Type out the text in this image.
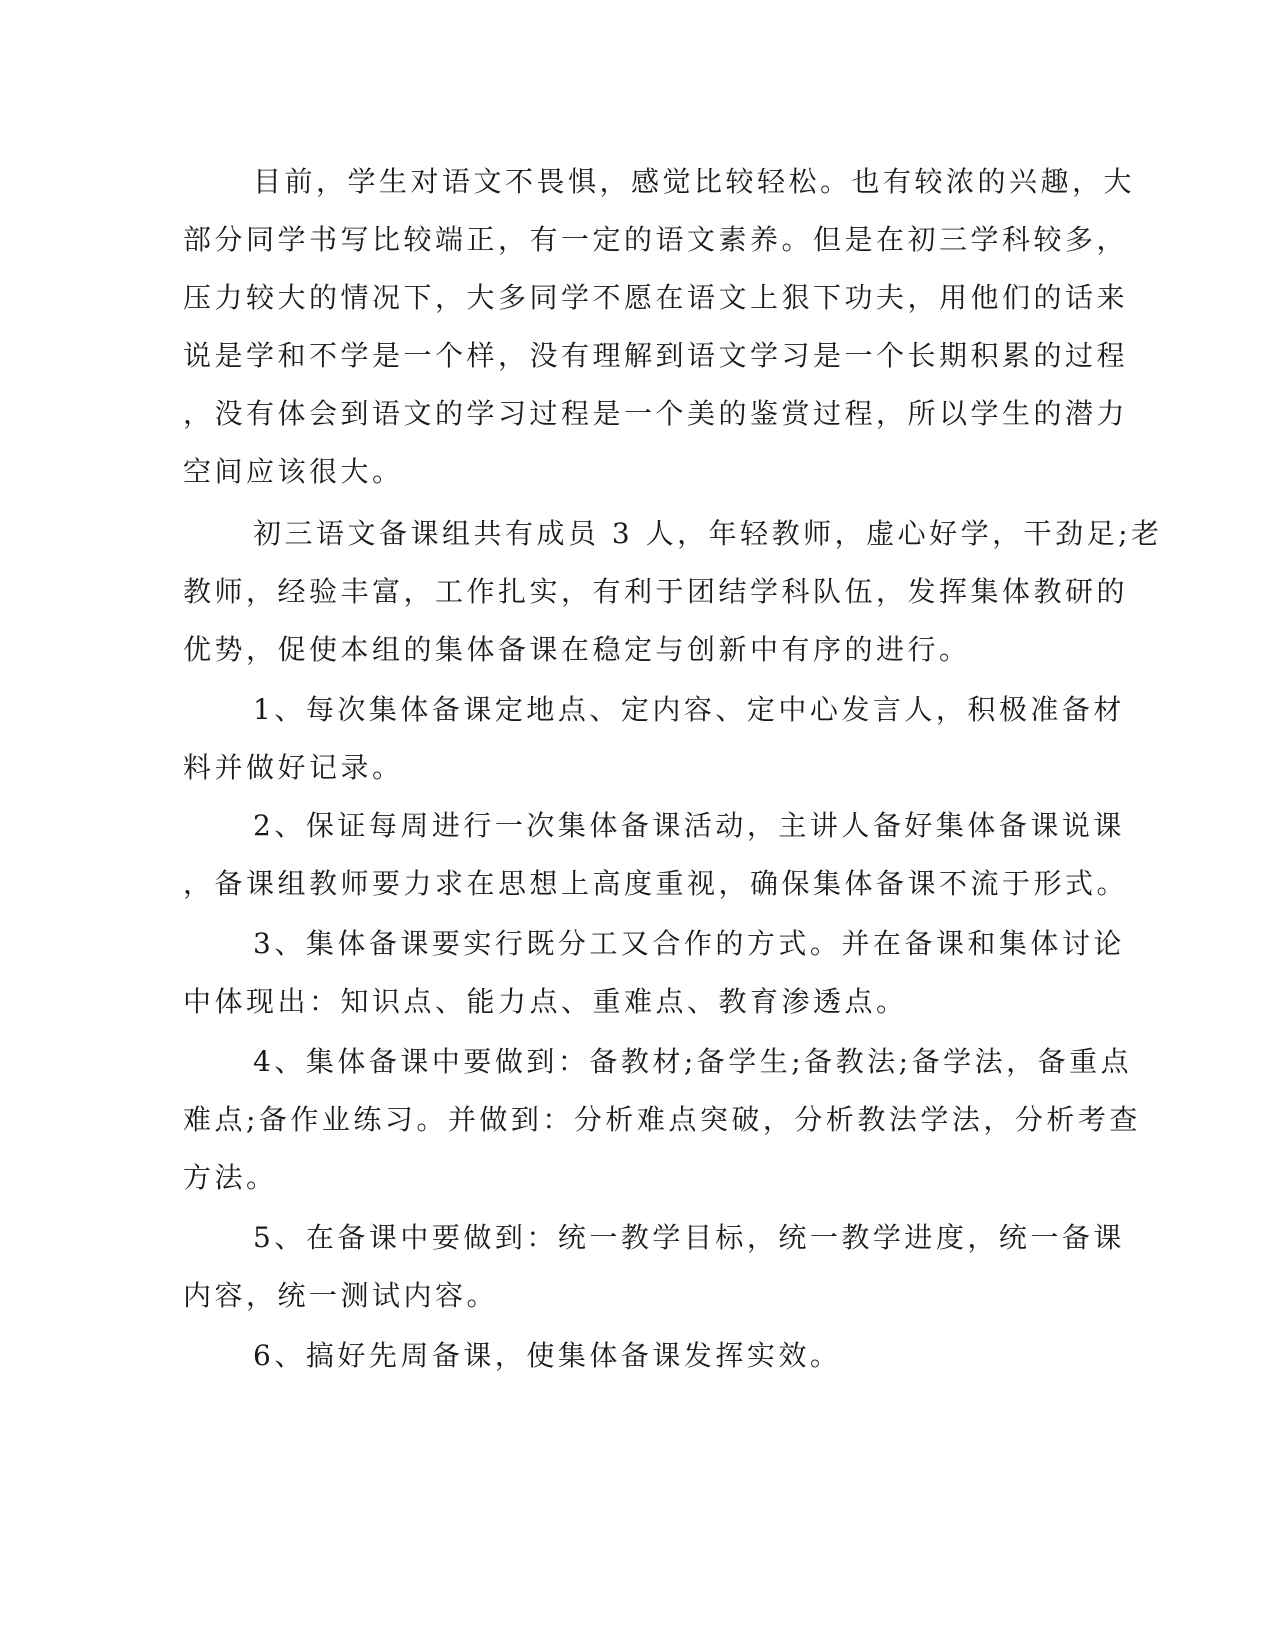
目前，学生对语文不畏惧，感觉比较轻松。也有较浓的兴趣，大
部分同学书写比较端正，有一定的语文素养。但是在初三学科较多，
压力较大的情况下，大多同学不愿在语文上狠下功夫，用他们的话来
说是学和不学是一个样，没有理解到语文学习是一个长期积累的过程
，没有体会到语文的学习过程是一个美的鉴赏过程，所以学生的潜力
空间应该很大。
初三语文备课组共有成员 3 人，年轻教师，虚心好学，干劲足;老
教师，经验丰富，工作扎实，有利于团结学科队伍，发挥集体教研的
优势，促使本组的集体备课在稳定与创新中有序的进行。
1、每次集体备课定地点、定内容、定中心发言人，积极准备材
料并做好记录。
2、保证每周进行一次集体备课活动，主讲人备好集体备课说课
，备课组教师要力求在思想上高度重视，确保集体备课不流于形式。
3、集体备课要实行既分工又合作的方式。并在备课和集体讨论
中体现出：知识点、能力点、重难点、教育渗透点。
4、集体备课中要做到：备教材;备学生;备教法;备学法，备重点
难点;备作业练习。并做到：分析难点突破，分析教法学法，分析考查
方法。
5、在备课中要做到：统一教学目标，统一教学进度，统一备课
内容，统一测试内容。
6、搞好先周备课，使集体备课发挥实效。
